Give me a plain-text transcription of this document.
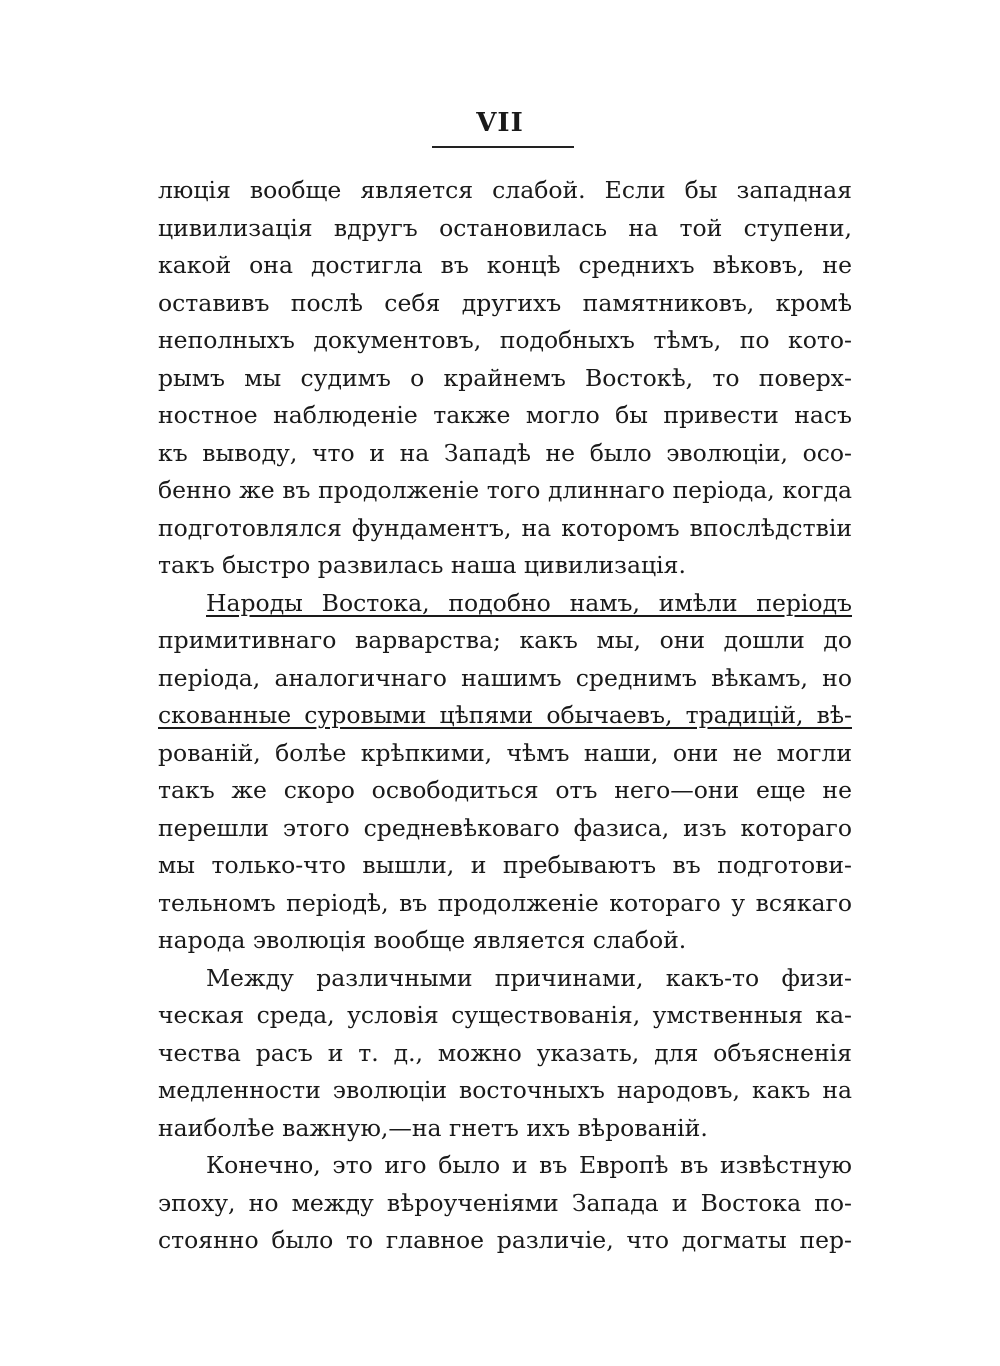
VII
люція вообще является слабой. Если бы западная
цивилизація вдругъ остановилась на той ступени,
какой она достигла въ концѣ среднихъ вѣковъ, не
оставивъ послѣ себя другихъ памятниковъ, кромѣ
неполныхъ документовъ, подобныхъ тѣмъ, по кото-
рымъ мы судимъ о крайнемъ Востокѣ, то поверх-
ностное наблюденіе также могло бы привести насъ
къ выводу, что и на Западѣ не было эволюціи, осо-
бенно же въ продолженіе того длиннаго періода, когда
подготовлялся фундаментъ, на которомъ впослѣдствіи
такъ быстро развилась наша цивилизація.
Народы Востока, подобно намъ, имѣли періодъ
примитивнаго варварства; какъ мы, они дошли до
періода, аналогичнаго нашимъ среднимъ вѣкамъ, но
скованные суровыми цѣпями обычаевъ, традицій, вѣ-
рованій, болѣе крѣпкими, чѣмъ наши, они не могли
такъ же скоро освободиться отъ него—они еще не
перешли этого средневѣковаго фазиса, изъ котораго
мы только-что вышли, и пребываютъ въ подготови-
тельномъ періодѣ, въ продолженіе котораго у всякаго
народа эволюція вообще является слабой.
Между различными причинами, какъ-то физи-
ческая среда, условія существованія, умственныя ка-
чества расъ и т. д., можно указать, для объясненія
медленности эволюціи восточныхъ народовъ, какъ на
наиболѣе важную,—на гнетъ ихъ вѣрованій.
Конечно, это иго было и въ Европѣ въ извѣстную
эпоху, но между вѣроученіями Запада и Востока по-
стоянно было то главное различіе, что догматы пер-
